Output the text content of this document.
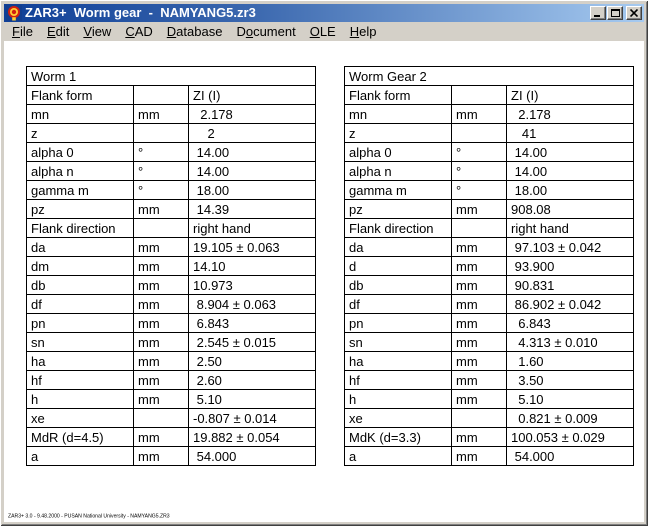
ZAR3+  Worm gear  -  NAMYANG5.zr3
File	Edit	View	CAD	Database	Document	OLE	Help
Worm 1		
Flank form		ZI (I)
mn	mm	2.178
z		2
alpha 0	°	14.00
alpha n	°	14.00
gamma m	°	18.00
pz	mm	14.39
Flank direction		right hand
da	mm	19.105 ± 0.063
dm	mm	14.10
db	mm	10.973
df	mm	8.904 ± 0.063
pn	mm	6.843
sn	mm	2.545 ± 0.015
ha	mm	2.50
hf	mm	2.60
h	mm	5.10
xe		-0.807 ± 0.014
MdR (d=4.5)	mm	19.882 ± 0.054
a	mm	54.000
Worm Gear 2		
Flank form		ZI (I)
mn	mm	2.178
z		41
alpha 0	°	14.00
alpha n	°	14.00
gamma m	°	18.00
pz	mm	908.08
Flank direction		right hand
da	mm	97.103 ± 0.042
d	mm	93.900
db	mm	90.831
df	mm	86.902 ± 0.042
pn	mm	6.843
sn	mm	4.313 ± 0.010
ha	mm	1.60
hf	mm	3.50
h	mm	5.10
xe		0.821 ± 0.009
MdK (d=3.3)	mm	100.053 ± 0.029
a	mm	54.000
ZAR3+ 3.0 - 9.48.2000 - PUSAN National University - NAMYANG5.ZR3
